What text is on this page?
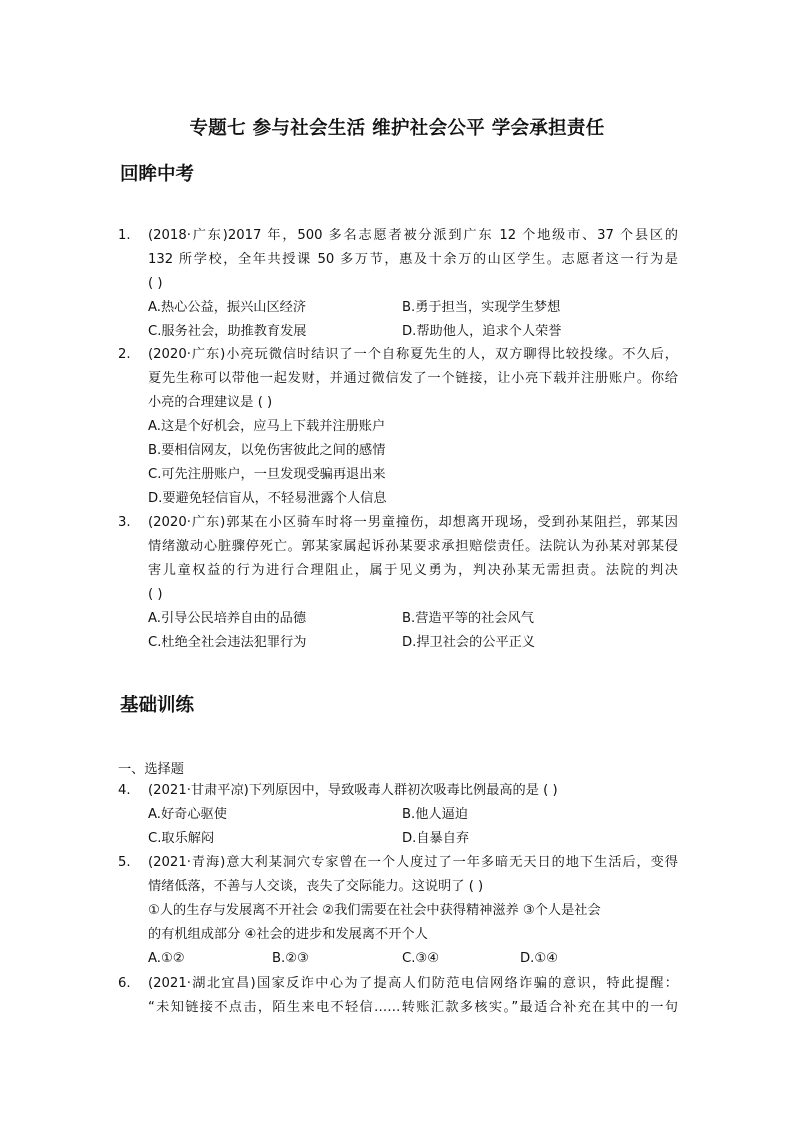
专题七 参与社会生活 维护社会公平 学会承担责任
回眸中考
1. (2018·广东)2017 年，500 多名志愿者被分派到广东 12 个地级市、37 个县区的
132 所学校，全年共授课 50 多万节，惠及十余万的山区学生。志愿者这一行为是
( )
A.热心公益，振兴山区经济	B.勇于担当，实现学生梦想
C.服务社会，助推教育发展	D.帮助他人，追求个人荣誉
2. (2020·广东)小亮玩微信时结识了一个自称夏先生的人，双方聊得比较投缘。不久后，
夏先生称可以带他一起发财，并通过微信发了一个链接，让小亮下载并注册账户。你给
小亮的合理建议是 ( )
A.这是个好机会，应马上下载并注册账户
B.要相信网友，以免伤害彼此之间的感情
C.可先注册账户，一旦发现受骗再退出来
D.要避免轻信盲从，不轻易泄露个人信息
3. (2020·广东)郭某在小区骑车时将一男童撞伤，却想离开现场，受到孙某阻拦，郭某因
情绪激动心脏骤停死亡。郭某家属起诉孙某要求承担赔偿责任。法院认为孙某对郭某侵
害儿童权益的行为进行合理阻止，属于见义勇为，判决孙某无需担责。法院的判决
( )
A.引导公民培养自由的品德	B.营造平等的社会风气
C.杜绝全社会违法犯罪行为	D.捍卫社会的公平正义
基础训练
一、选择题
4. (2021·甘肃平凉)下列原因中，导致吸毒人群初次吸毒比例最高的是 ( )
A.好奇心驱使	B.他人逼迫
C.取乐解闷	D.自暴自弃
5. (2021·青海)意大利某洞穴专家曾在一个人度过了一年多暗无天日的地下生活后，变得
情绪低落，不善与人交谈，丧失了交际能力。这说明了 ( )
①人的生存与发展离不开社会 ②我们需要在社会中获得精神滋养 ③个人是社会
的有机组成部分 ④社会的进步和发展离不开个人
A.①②	B.②③	C.③④	D.①④
6. (2021·湖北宜昌)国家反诈中心为了提高人们防范电信网络诈骗的意识，特此提醒：
“未知链接不点击，陌生来电不轻信……转账汇款多核实。”最适合补充在其中的一句
